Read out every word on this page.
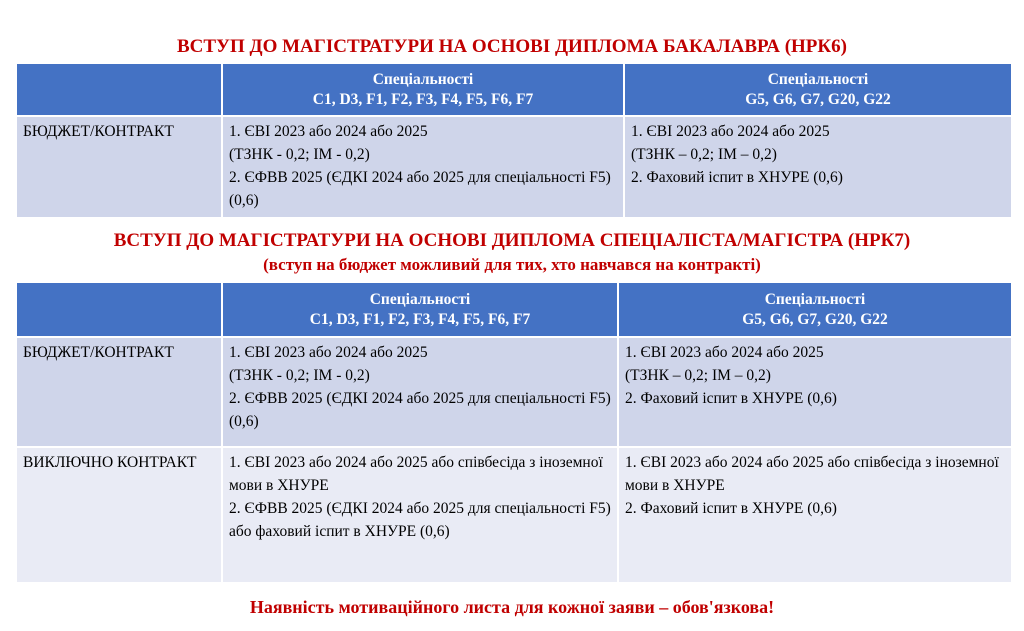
ВСТУП ДО МАГІСТРАТУРИ НА ОСНОВІ ДИПЛОМА БАКАЛАВРА (НРК6)

	Спеціальності
C1, D3, F1, F2, F3, F4, F5, F6, F7	Спеціальності
G5, G6, G7, G20, G22

БЮДЖЕТ/КОНТРАКТ	1. ЄВІ 2023 або 2024 або 2025
(ТЗНК - 0,2; ІМ - 0,2)
2. ЄФВВ 2025 (ЄДКІ 2024 або 2025 для спеціальності F5) (0,6)	1. ЄВІ 2023 або 2024 або 2025
(ТЗНК – 0,2; ІМ – 0,2)
2. Фаховий іспит в ХНУРЕ (0,6)
ВСТУП ДО МАГІСТРАТУРИ НА ОСНОВІ ДИПЛОМА СПЕЦІАЛІСТА/МАГІСТРА (НРК7)
(вступ на бюджет можливий для тих, хто навчався на контракті)

	Спеціальності
C1, D3, F1, F2, F3, F4, F5, F6, F7	Спеціальності
G5, G6, G7, G20, G22

БЮДЖЕТ/КОНТРАКТ	1. ЄВІ 2023 або 2024 або 2025
(ТЗНК - 0,2; ІМ - 0,2)
2. ЄФВВ 2025 (ЄДКІ 2024 або 2025 для спеціальності F5) (0,6)	1. ЄВІ 2023 або 2024 або 2025
(ТЗНК – 0,2; ІМ – 0,2)
2. Фаховий іспит в ХНУРЕ (0,6)

ВИКЛЮЧНО КОНТРАКТ	1. ЄВІ 2023 або 2024 або 2025 або співбесіда з іноземної мови в ХНУРЕ
2. ЄФВВ 2025 (ЄДКІ 2024 або 2025 для спеціальності F5) або фаховий іспит в ХНУРЕ (0,6)	1. ЄВІ 2023 або 2024 або 2025 або співбесіда з іноземної мови в ХНУРЕ
2. Фаховий іспит в ХНУРЕ (0,6)
Наявність мотиваційного листа для кожної заяви – обов'язкова!
